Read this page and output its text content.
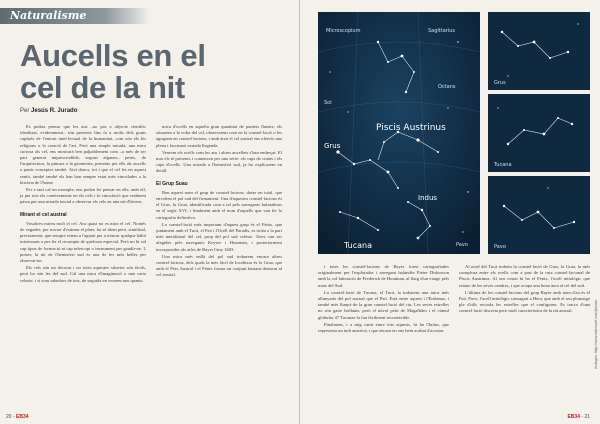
Naturalisme
Aucells en el
cel de la nit
Per Jesús R. Jurado

Es podria pensar que les aus –no pas a objecte científic idealitzat, evidentment– són presents fins fa a molts dels grans capítols de l'entorn intel·lectual de la humanitat, com són els les religions o la creació de l'art. Però una simple mirada, una mica curiosa als cel, ens mostrarà ben palpablement com –a més de ser part generat imprescindible, segons algunes– petits, de l'arquitectura, la pintura o la geometria, presents per ells als aucells a partir conceptes també. Així doncs, tot i que el cel les en aquest sentit, també també els han han sempre estat més vinculades a la història de l'home.

Per a tant cal un exemple, ens poden fer pensar en ells, amb ell, ja per tots els coneixements en els cels i la vinculació que realment passa per una mirada inicial a observar els cels en una nit d'hivern.

Mirant el cel austral

Vosaltres mireu molt el cel. Ara quasi no es mira el cel. Només de vegades, per tractar d'estimar el plaer, ho sé diem però, similitud, precisament, que sempre estem a l'aguait per a trencar qualque hàbit interessant o per fer el recompte de quelcom especial. Però no hi cal cap tipus de formació ni cap telescopi o instrument per gaudir-ne. I, potser, la nit de l'hemisferi sud és una de les més belles per observar-ne.

Els cels són un decorat i no totes aquestes siluetes són fàcils, però ho són les del sud. Cal una mica d'imaginació o una carta celeste, i si som sabedors de tots, de seguida en veurem uns quants.

mica d'ocells en aquella gran quantitat de puntets lluents; els situarem a la volta del cel, observarem com en la constel·lació o les agrupem en constel·lacions, i amb això el cel austral ens ofereix una plena i fascinant variada llegenda.

Veurem els ocells com les aus i altres aucellets s'han endreçat. El mar els té presents i comencen per una sèrie: els caps de cranis i els caps d'ocells. Una mirada a l'hemisferi sud, ja ho explicarem en detall.

El Grup Suau

Ben aquest nom el grup de constel·lacions, dotze en total, que envolten el pol sud del firmament. Una d'aquestes constel·lacions és el Grus, la Grua, identificada com a tal pels navegants holandesos en el segle XVI, i finalment amb el nom d'aquells que van fer la cartografia definitiva.

La constel·lació més important d'aquest grup és el Fènix, que juntament amb el Tucà, el Paó i l'Ocell del Paradís, es troba a la part més meridional del cel, prop del pol sud celeste. Totes van ser afegides pels navegants Keyser i Houtman, i posteriorment incorporades als atles de Bayer l'any 1603.

Una mica més enllà del pol sud trobarem encara altres constel·lacions, dels quals la més fàcil de localitzar és la Grua, que amb el Peix Austral i el Fènix forma un conjunt bastant destacat al cel austral.

20 - EB34
Sol
Sagittarius
Microscopium
Grus
Piscis Austrinus
Indus
Tucana	Pavo
Octans
Grus
Tucana
Pavo

i totes les constel·lacions de Bayer foren cartografiades originalment per l'explorador i navegant holandès Pieter Dirkszoon amb la col·laboració de Frederick de Houtman, al llarg d'un viatge pels mars del Sud.

La constel·lació de Tucana, el Tucà, la trobarem una mica més allunyada del pol austral que el Paó. Està entre aquest i l'Eridanus, i també més llunyà de la gran constel·lació del riu. Les seves estrelles no són gaire brillants, però el núvol petit de Magalhães i el cúmul globular 47 Tucanae la fan fàcilment reconeixible.

Finalment, i a mig camí entre tots aquests, hi ha l'Indus, que representa un indi americà, i que encara no ens hem acabat d'acostar.

Al nord del Tucà trobem la constel·lació de Grus, la Grua, la més conspícua entre els ocells com a part de la ruta constel·lacional de Piscis Austrinus. Al seu costat hi ha el Fènix, l'ocell mitològic que renaix de les seves cendres, i que ocupa una bona àrea al cel del sud.

L'última de les constel·lacions del grup Bayer amb nom d'au és el Paó, Pavo, l'ocell mitològic consagrat a Hera, que amb el seu plomatge ple d'ulls recorda les estrelles que el configuren. Es tracta d'una constel·lació discreta però molt característica de la nit austral.	Imatges: http://www.astrosurf.com/jurado
EB34 - 21
